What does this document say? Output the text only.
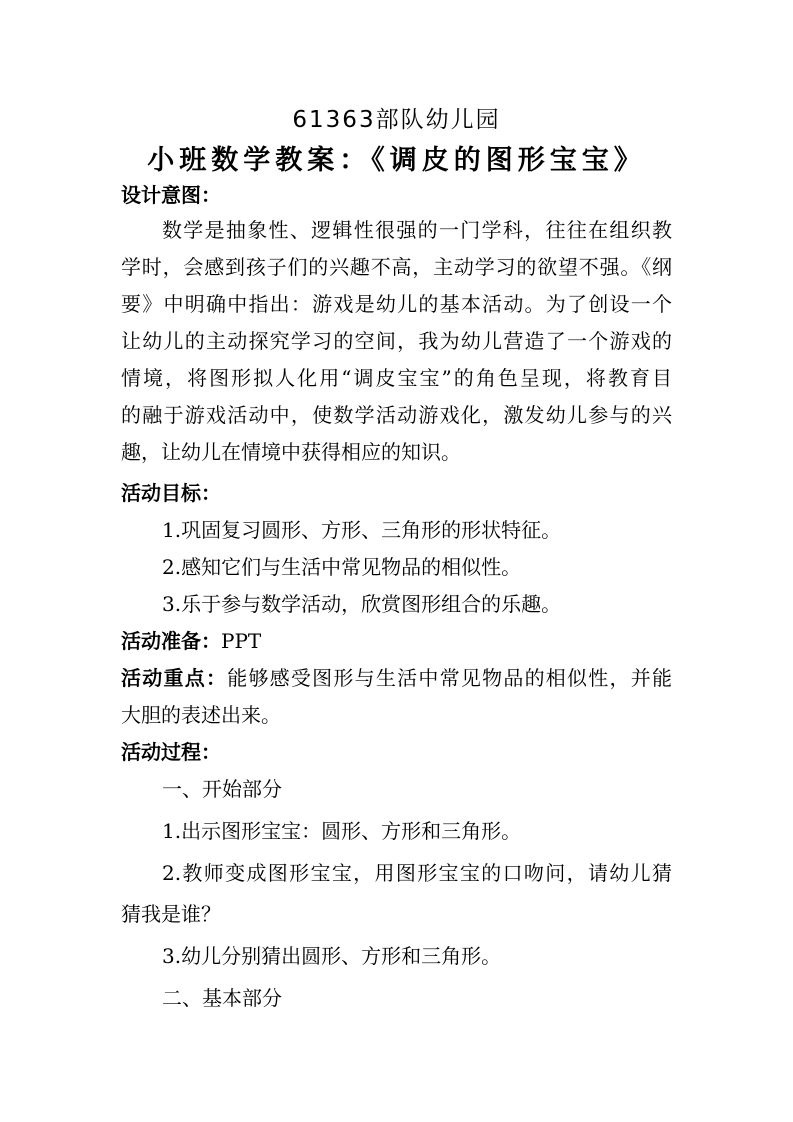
61363部队幼儿园
小班数学教案：《调皮的图形宝宝》
设计意图：
数学是抽象性、逻辑性很强的一门学科，往往在组织教
学时，会感到孩子们的兴趣不高，主动学习的欲望不强。《纲
要》中明确中指出：游戏是幼儿的基本活动。为了创设一个
让幼儿的主动探究学习的空间，我为幼儿营造了一个游戏的
情境，将图形拟人化用“调皮宝宝”的角色呈现，将教育目
的融于游戏活动中，使数学活动游戏化，激发幼儿参与的兴
趣，让幼儿在情境中获得相应的知识。
活动目标：
1.巩固复习圆形、方形、三角形的形状特征。
2.感知它们与生活中常见物品的相似性。
3.乐于参与数学活动，欣赏图形组合的乐趣。
活动准备：PPT
活动重点：能够感受图形与生活中常见物品的相似性，并能
大胆的表述出来。
活动过程：
一、开始部分
1.出示图形宝宝：圆形、方形和三角形。
2.教师变成图形宝宝，用图形宝宝的口吻问，请幼儿猜
猜我是谁？
3.幼儿分别猜出圆形、方形和三角形。
二、基本部分
